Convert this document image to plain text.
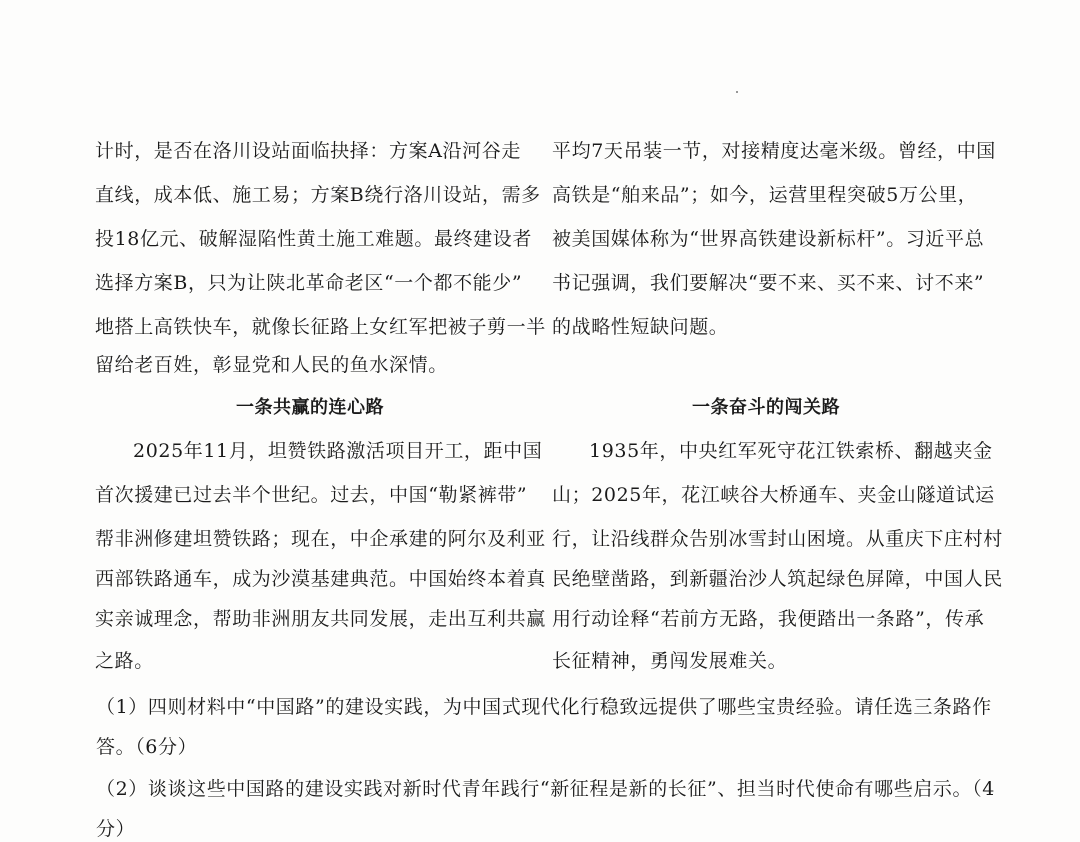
计时，是否在洛川设站面临抉择：方案A沿河谷走
直线，成本低、施工易；方案B绕行洛川设站，需多
投18亿元、破解湿陷性黄土施工难题。最终建设者
选择方案B，只为让陕北革命老区“一个都不能少”
地搭上高铁快车，就像长征路上女红军把被子剪一半
留给老百姓，彰显党和人民的鱼水深情。
平均7天吊装一节，对接精度达毫米级。曾经，中国
高铁是“舶来品”；如今，运营里程突破5万公里，
被美国媒体称为“世界高铁建设新标杆”。习近平总
书记强调，我们要解决“要不来、买不来、讨不来”
的战略性短缺问题。
一条共赢的连心路	一条奋斗的闯关路
2025年11月，坦赞铁路激活项目开工，距中国
首次援建已过去半个世纪。过去，中国“勒紧裤带”
帮非洲修建坦赞铁路；现在，中企承建的阿尔及利亚
西部铁路通车，成为沙漠基建典范。中国始终本着真
实亲诚理念，帮助非洲朋友共同发展，走出互利共赢
之路。
1935年，中央红军死守花江铁索桥、翻越夹金
山；2025年，花江峡谷大桥通车、夹金山隧道试运
行，让沿线群众告别冰雪封山困境。从重庆下庄村村
民绝壁凿路，到新疆治沙人筑起绿色屏障，中国人民
用行动诠释“若前方无路，我便踏出一条路”，传承
长征精神，勇闯发展难关。
（1）四则材料中“中国路”的建设实践，为中国式现代化行稳致远提供了哪些宝贵经验。请任选三条路作
答。（6分）
（2）谈谈这些中国路的建设实践对新时代青年践行“新征程是新的长征”、担当时代使命有哪些启示。（4
分）
